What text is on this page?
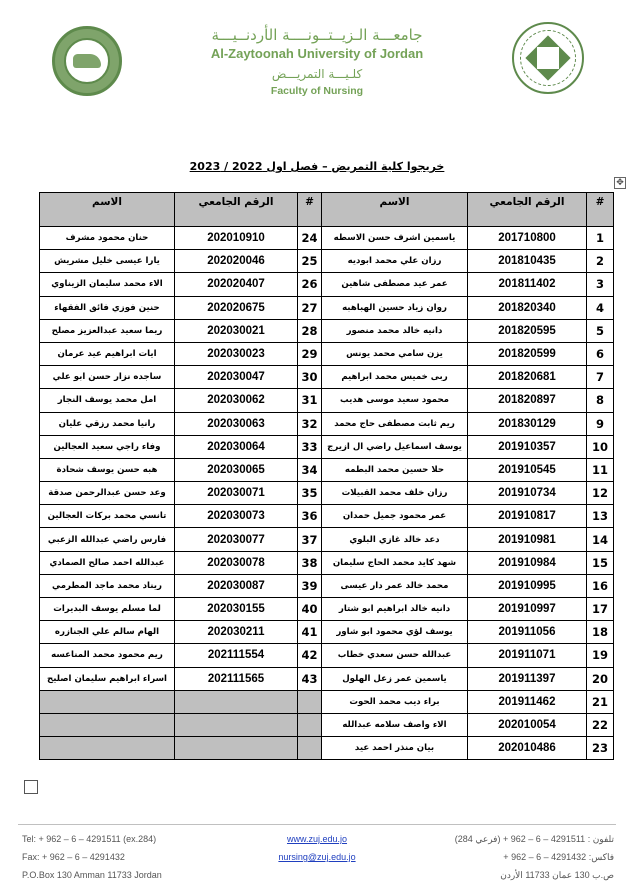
جامعـــة الـزيــتــونــــة الأردنــيـــة
Al-Zaytoonah University of Jordan
كلـيـــة التمريـــض
Faculty of Nursing
خريجوا كلية التمريض – فصل اول 2022 / 2023
✥
#	الرقم الجامعي	الاسم	#	الرقم الجامعي	الاسم
1	201710800	ياسمين اشرف حسن الاسطه	24	202010910	حنان محمود مشرف
2	201810435	رزان علي محمد ابوديه	25	202020046	يارا عيسى خليل مشريش
3	201811402	عمر عيد مصطفى شاهين	26	202020407	الاء محمد سليمان الزيناوي
4	201820340	روان زياد حسين الهباهبه	27	202020675	حنين فوزي فائق الفقهاء
5	201820595	دانيه خالد محمد منصور	28	202030021	ريما سعيد عبدالعزيز مصلح
6	201820599	يزن سامي محمد يونس	29	202030023	ايات ابراهيم عيد عرمان
7	201820681	ربى خميس محمد ابراهيم	30	202030047	ساجده نزار حسن ابو علي
8	201820897	محمود سعيد موسى هديب	31	202030062	امل محمد يوسف النجار
9	201830129	ريم ثابت مصطفى حاج محمد	32	202030063	رانيا محمد رزقي عليان
10	201910357	يوسف اسماعيل راضي ال ازيرج	33	202030064	وفاء راجي سعيد العجالين
11	201910545	حلا حسين محمد البطمه	34	202030065	هبه حسن يوسف شحادة
12	201910734	رزان خلف محمد القبيلات	35	202030071	وعد حسن عبدالرحمن صدقة
13	201910817	عمر محمود جميل حمدان	36	202030073	تانسي محمد بركات العجالين
14	201910981	دعد خالد غازي البلوي	37	202030077	فارس راضي عبدالله الزعبي
15	201910984	شهد كايد محمد الحاج سليمان	38	202030078	عبدالله احمد صالح الصمادي
16	201910995	محمد خالد عمر دار عيسى	39	202030087	ريناد محمد ماجد المطرمي
17	201910997	دانيه خالد ابراهيم ابو شتار	40	202030155	لما مسلم يوسف البديرات
18	201911056	يوسف لؤي محمود ابو شاور	41	202030211	الهام سالم علي الجنازره
19	201911071	عبدالله حسن سعدي خطاب	42	202111554	ريم محمود محمد المناعسه
20	201911397	ياسمين عمر زعل الهلول	43	202111565	اسراء ابراهيم سليمان اصليح
21	201911462	براء ديب محمد الحوت			
22	202010054	الاء واصف سلامه عبدالله			
23	202010486	بيان منذر احمد عيد			
Tel: + 962 – 6 – 4291511 (ex.284)
Fax: + 962 – 6 – 4291432
P.O.Box 130 Amman 11733 Jordan
www.zuj.edu.jo
nursing@zuj.edu.jo
تلفون : 4291511 – 6 – 962 + (فرعي 284)
فاكس: 4291432 – 6 – 962 +
ص.ب 130 عمان 11733 الأردن
